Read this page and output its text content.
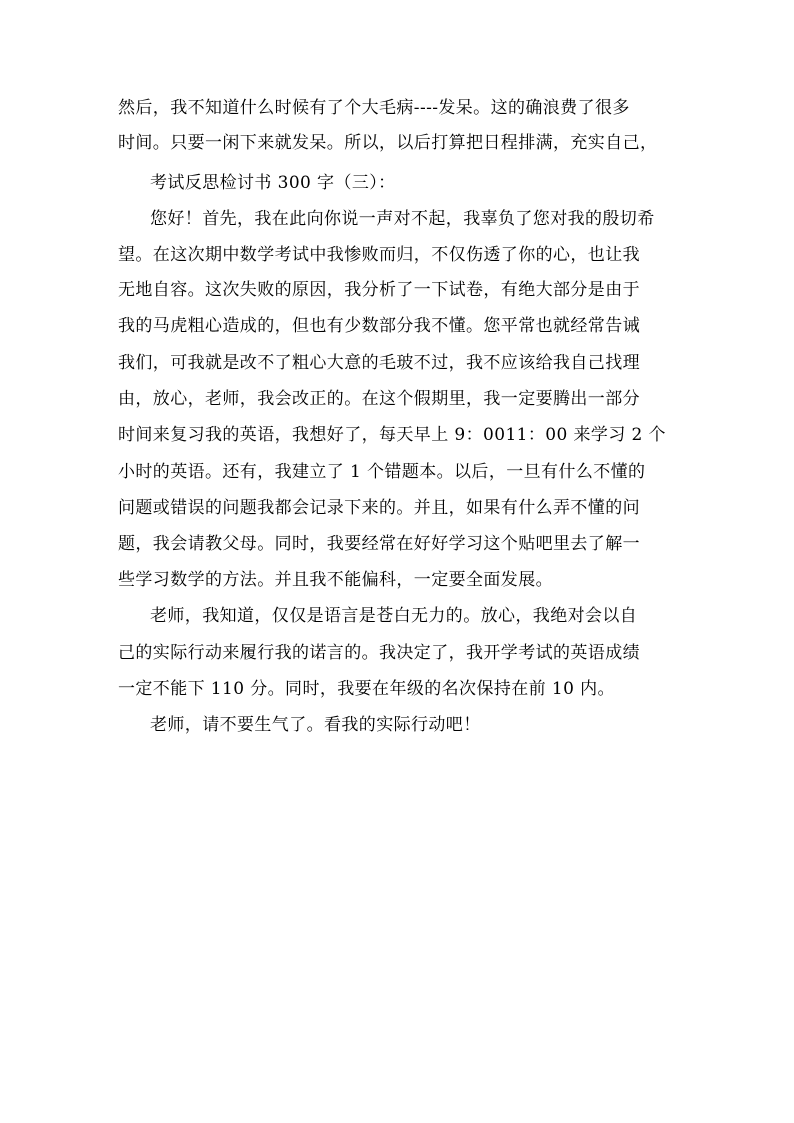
然后，我不知道什么时候有了个大毛病----发呆。这的确浪费了很多
时间。只要一闲下来就发呆。所以，以后打算把日程排满，充实自己，
考试反思检讨书 300 字（三）：
您好！首先，我在此向你说一声对不起，我辜负了您对我的殷切希
望。在这次期中数学考试中我惨败而归，不仅伤透了你的心，也让我
无地自容。这次失败的原因，我分析了一下试卷，有绝大部分是由于
我的马虎粗心造成的，但也有少数部分我不懂。您平常也就经常告诫
我们，可我就是改不了粗心大意的毛玻不过，我不应该给我自己找理
由，放心，老师，我会改正的。在这个假期里，我一定要腾出一部分
时间来复习我的英语，我想好了，每天早上 9：0011：00 来学习 2 个
小时的英语。还有，我建立了 1 个错题本。以后，一旦有什么不懂的
问题或错误的问题我都会记录下来的。并且，如果有什么弄不懂的问
题，我会请教父母。同时，我要经常在好好学习这个贴吧里去了解一
些学习数学的方法。并且我不能偏科，一定要全面发展。
老师，我知道，仅仅是语言是苍白无力的。放心，我绝对会以自
己的实际行动来履行我的诺言的。我决定了，我开学考试的英语成绩
一定不能下 110 分。同时，我要在年级的名次保持在前 10 内。
老师，请不要生气了。看我的实际行动吧！
